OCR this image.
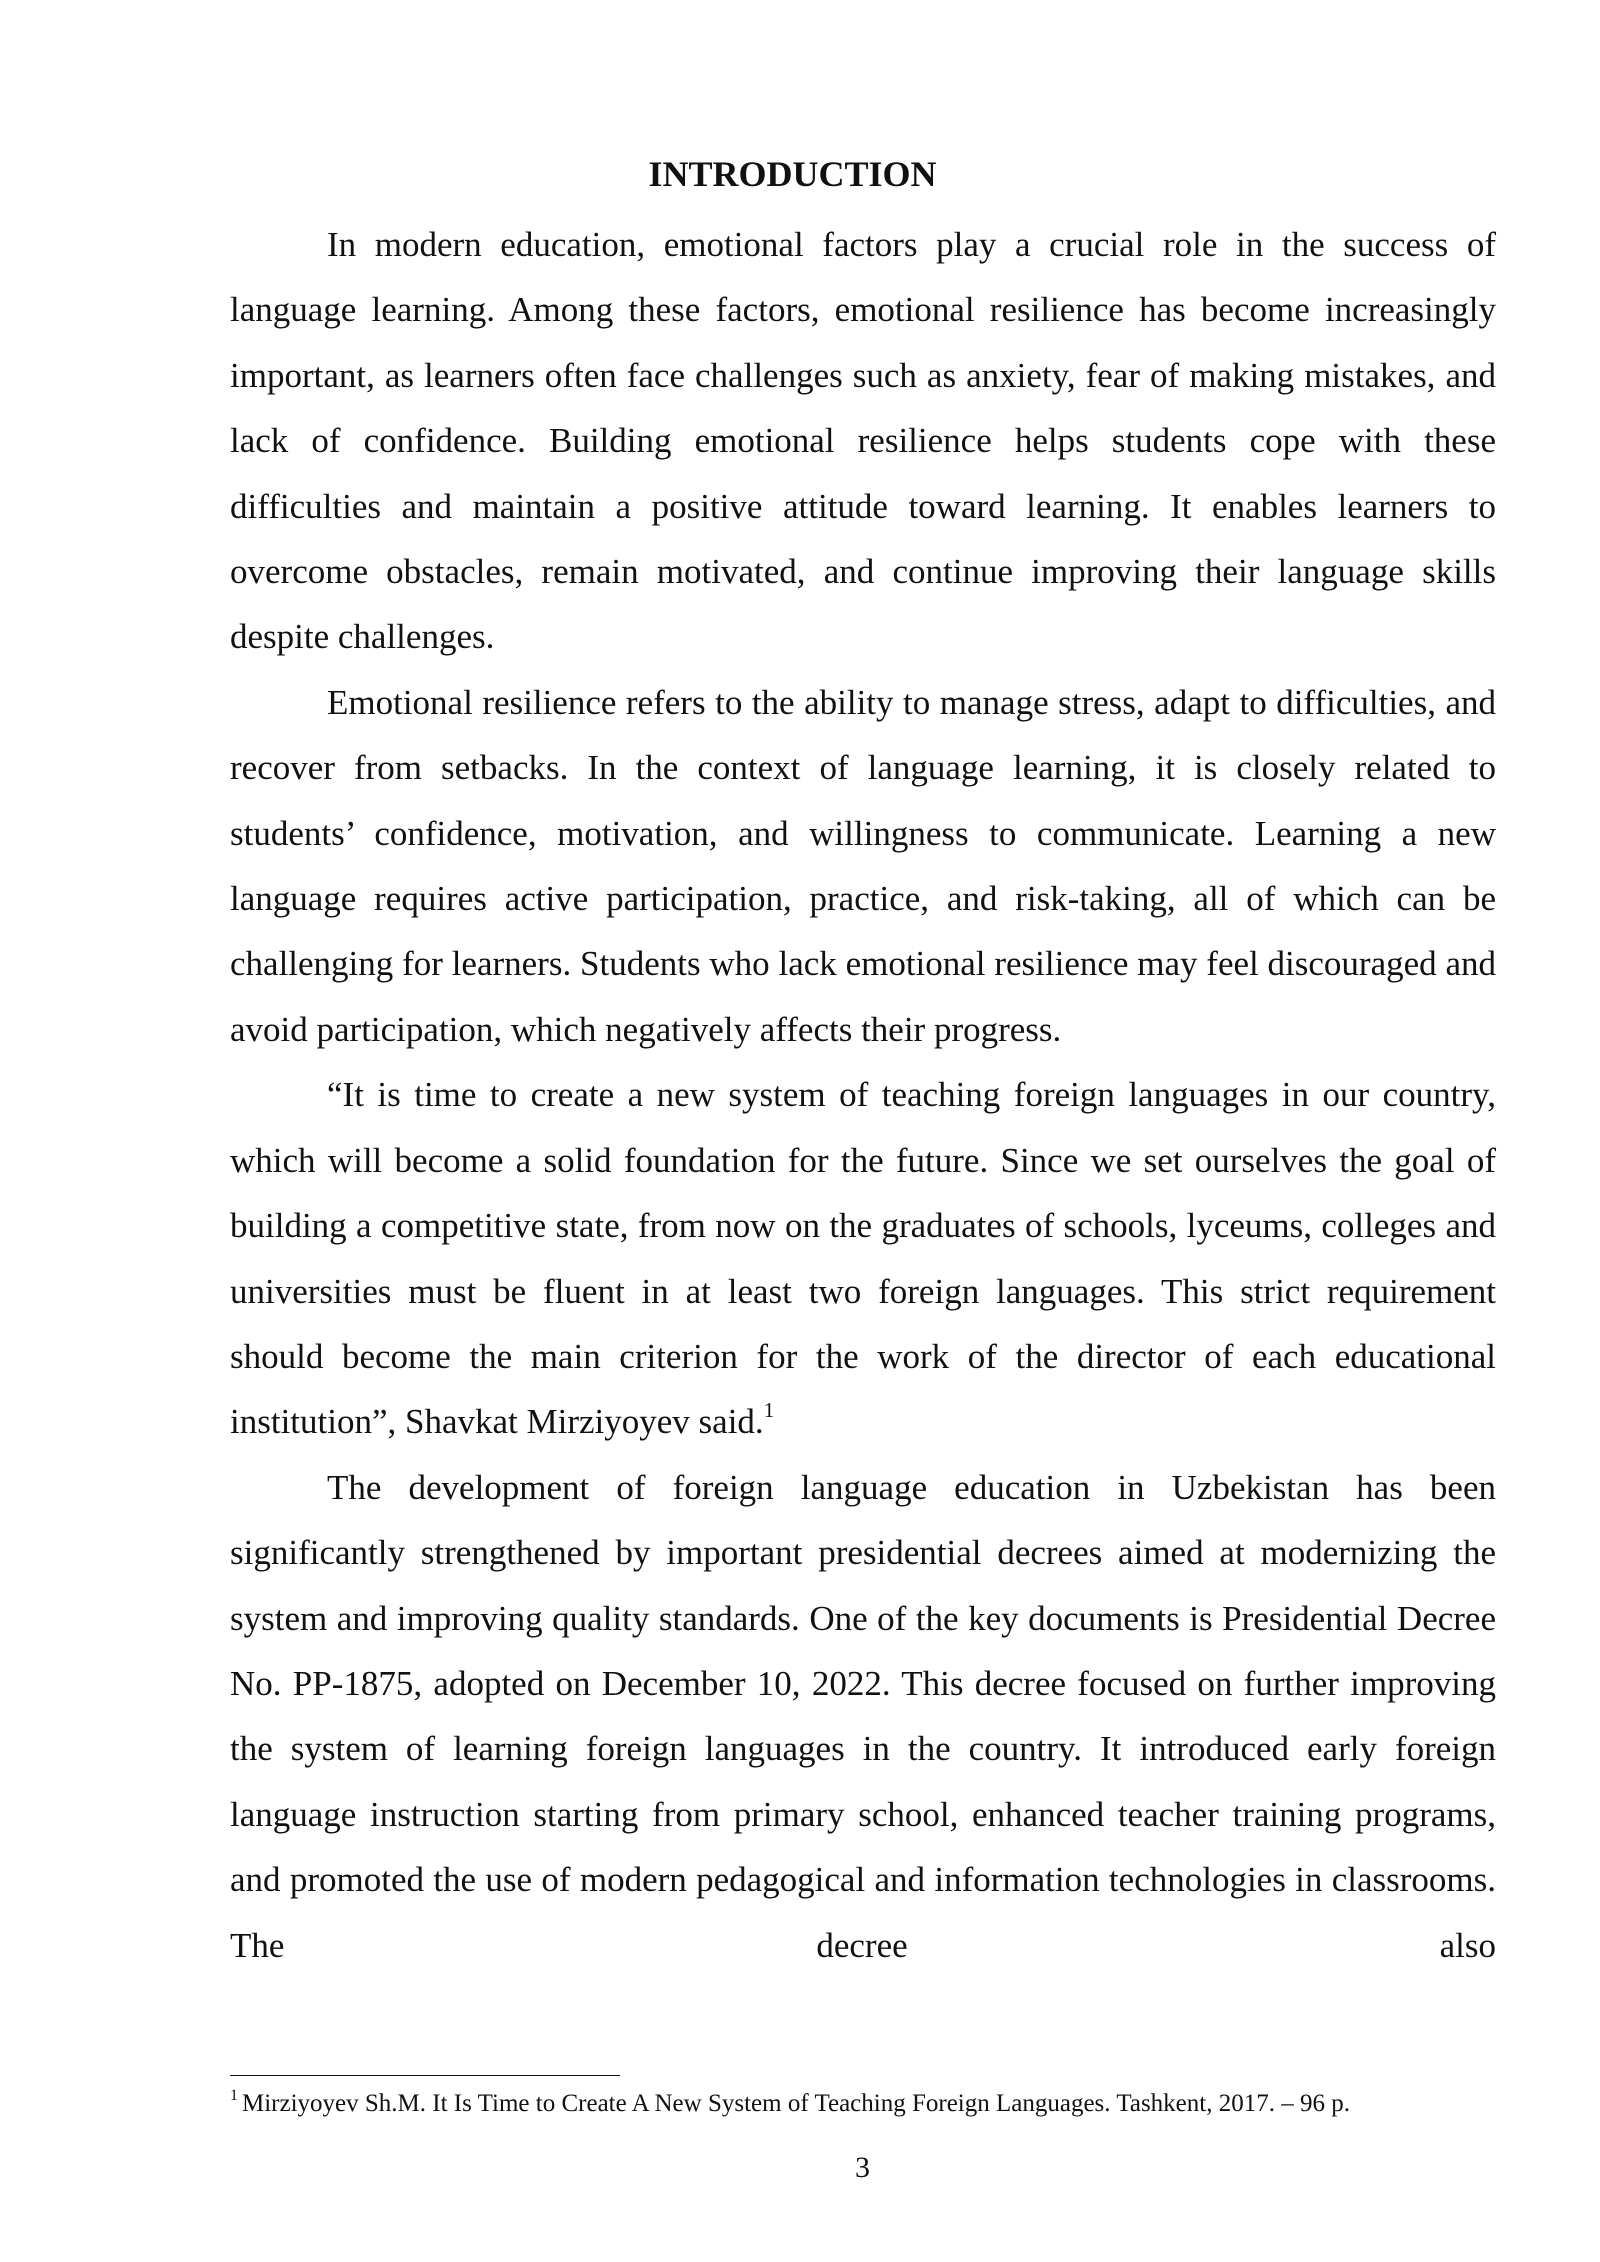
INTRODUCTION

In modern education, emotional factors play a crucial role in the success of language learning. Among these factors, emotional resilience has become increasingly important, as learners often face challenges such as anxiety, fear of making mistakes, and lack of confidence. Building emotional resilience helps students cope with these difficulties and maintain a positive attitude toward learning. It enables learners to overcome obstacles, remain motivated, and continue improving their language skills despite challenges.

Emotional resilience refers to the ability to manage stress, adapt to difficulties, and recover from setbacks. In the context of language learning, it is closely related to students’ confidence, motivation, and willingness to communicate. Learning a new language requires active participation, practice, and risk-taking, all of which can be challenging for learners. Students who lack emotional resilience may feel discouraged and avoid participation, which negatively affects their progress.

“It is time to create a new system of teaching foreign languages in our country, which will become a solid foundation for the future. Since we set ourselves the goal of building a competitive state, from now on the graduates of schools, lyceums, colleges and universities must be fluent in at least two foreign languages. This strict requirement should become the main criterion for the work of the director of each educational institution”, Shavkat Mirziyoyev said.$^1$

The development of foreign language education in Uzbekistan has been significantly strengthened by important presidential decrees aimed at modernizing the system and improving quality standards. One of the key documents is Presidential Decree No. PP-1875, adopted on December 10, 2022. This decree focused on further improving the system of learning foreign languages in the country. It introduced early foreign language instruction starting from primary school, enhanced teacher training programs, and promoted the use of modern pedagogical and information technologies in classrooms. The decree also

$^1$ Mirziyoyev Sh.M. It Is Time to Create A New System of Teaching Foreign Languages. Tashkent, 2017. – 96 p.

3
